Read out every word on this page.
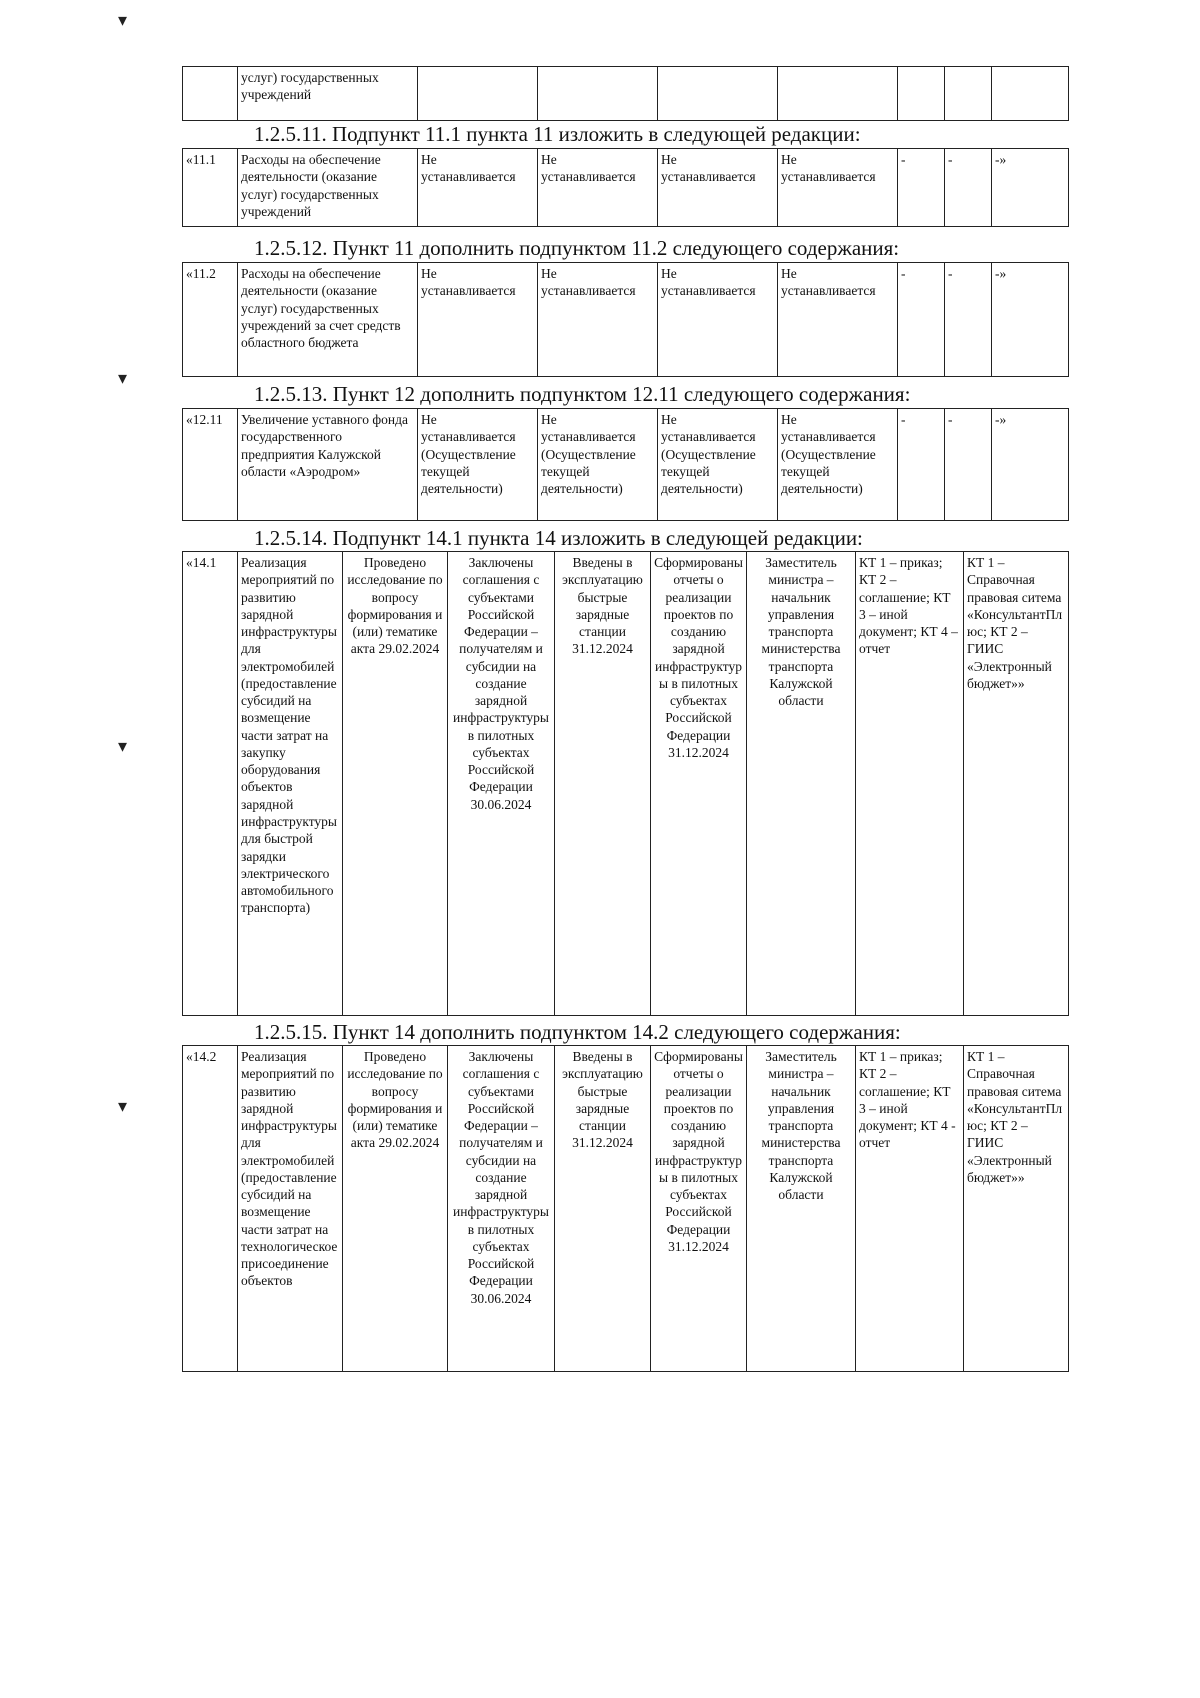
▾
▾
▾
▾
	услуг) государственных учреждений							
1.2.5.11. Подпункт 11.1 пункта 11 изложить в следующей редакции:
«11.1	Расходы на обеспечение деятельности (оказание услуг) государственных учреждений	Не устанавливается	Не устанавливается	Не устанавливается	Не устанавливается	-	-	-»
1.2.5.12. Пункт 11 дополнить подпунктом 11.2 следующего содержания:
«11.2	Расходы на обеспечение деятельности (оказание услуг) государственных учреждений за счет средств областного бюджета	Не устанавливается	Не устанавливается	Не устанавливается	Не устанавливается	-	-	-»
1.2.5.13. Пункт 12 дополнить подпунктом 12.11 следующего содержания:
«12.11	Увеличение уставного фонда государственного предприятия Калужской области «Аэродром»	Не устанавливается (Осуществление текущей деятельности)	Не устанавливается (Осуществление текущей деятельности)	Не устанавливается (Осуществление текущей деятельности)	Не устанавливается (Осуществление текущей деятельности)	-	-	-»
1.2.5.14. Подпункт 14.1 пункта 14 изложить в следующей редакции:
«14.1	Реализация мероприятий по развитию зарядной инфраструктуры для электромобилей (предоставление субсидий на возмещение части затрат на закупку оборудования объектов зарядной инфраструктуры для быстрой зарядки электрического автомобильного транспорта)	Проведено исследование по вопросу формирования и (или) тематике акта 29.02.2024	Заключены соглашения с субъектами Российской Федерации – получателям и субсидии на создание зарядной инфраструктуры в пилотных субъектах Российской Федерации 30.06.2024	Введены в эксплуатацию быстрые зарядные станции 31.12.2024	Сформированы отчеты о реализации проектов по созданию зарядной инфраструктуры в пилотных субъектах Российской Федерации 31.12.2024	Заместитель министра – начальник управления транспорта министерства транспорта Калужской области	КТ 1 – приказ; КТ 2 – соглашение; КТ 3 – иной документ; КТ 4 – отчет	КТ 1 – Справочная правовая ситема «КонсультантПлюс; КТ 2 – ГИИС «Электронный бюджет»»
1.2.5.15. Пункт 14 дополнить подпунктом 14.2 следующего содержания:
«14.2	Реализация мероприятий по развитию зарядной инфраструктуры для электромобилей (предоставление субсидий на возмещение части затрат на технологическое присоединение объектов	Проведено исследование по вопросу формирования и (или) тематике акта 29.02.2024	Заключены соглашения с субъектами Российской Федерации – получателям и субсидии на создание зарядной инфраструктуры в пилотных субъектах Российской Федерации 30.06.2024	Введены в эксплуатацию быстрые зарядные станции 31.12.2024	Сформированы отчеты о реализации проектов по созданию зарядной инфраструктуры в пилотных субъектах Российской Федерации 31.12.2024	Заместитель министра – начальник управления транспорта министерства транспорта Калужской области	КТ 1 – приказ; КТ 2 – соглашение; КТ 3 – иной документ; КТ 4 - отчет	КТ 1 – Справочная правовая ситема «КонсультантПлюс; КТ 2 – ГИИС «Электронный бюджет»»
